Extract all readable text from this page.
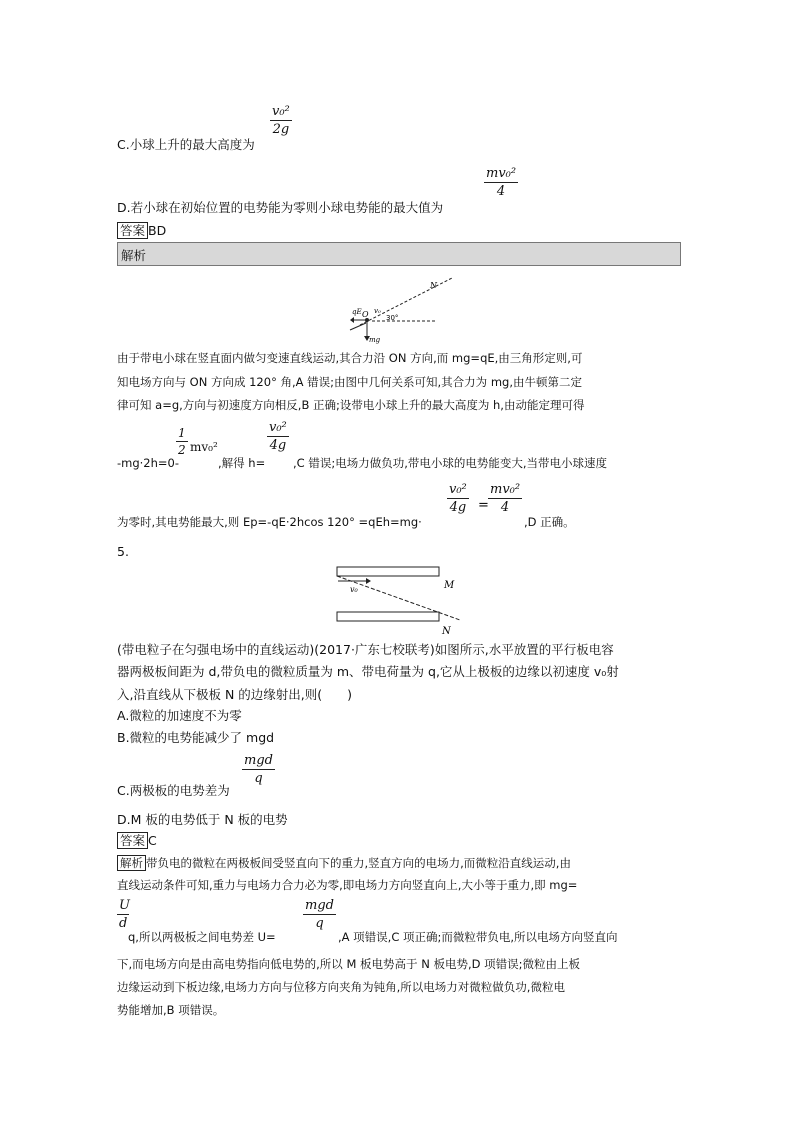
v₀²
2g
C.小球上升的最大高度为
mv₀²
4
D.若小球在初始位置的电势能为零则小球电势能的最大值为
答案 BD
解析
N
qE O v₀
30°
mg
由于带电小球在竖直面内做匀变速直线运动,其合力沿 ON 方向,而 mg=qE,由三角形定则,可
知电场方向与 ON 方向成 120° 角,A 错误;由图中几何关系可知,其合力为 mg,由牛顿第二定
律可知 a=g,方向与初速度方向相反,B 正确;设带电小球上升的最大高度为 h,由动能定理可得
-mg·2h=0-
1
2 mv₀²
,解得 h=
v₀²
4g
,C 错误;电场力做负功,带电小球的电势能变大,当带电小球速度
为零时,其电势能最大,则 Ep=-qE·2hcos 120° =qEh=mg·
v₀²
4g =
mv₀²
4
,D 正确。
5.
v₀	M
N
(带电粒子在匀强电场中的直线运动)(2017·广东七校联考)如图所示,水平放置的平行板电容
器两极板间距为 d,带负电的微粒质量为 m、带电荷量为 q,它从上极板的边缘以初速度 v₀射
入,沿直线从下极板 N 的边缘射出,则(　　)
A.微粒的加速度不为零
B.微粒的电势能减少了 mgd
mgd
q
C.两极板的电势差为
D.M 板的电势低于 N 板的电势
答案 C
解析 带负电的微粒在两极板间受竖直向下的重力,竖直方向的电场力,而微粒沿直线运动,由
直线运动条件可知,重力与电场力合力必为零,即电场力方向竖直向上,大小等于重力,即 mg=
U
d
q,所以两极板之间电势差 U=
mgd
q
,A 项错误,C 项正确;而微粒带负电,所以电场方向竖直向
下,而电场方向是由高电势指向低电势的,所以 M 板电势高于 N 板电势,D 项错误;微粒由上板
边缘运动到下板边缘,电场力方向与位移方向夹角为钝角,所以电场力对微粒做负功,微粒电
势能增加,B 项错误。
